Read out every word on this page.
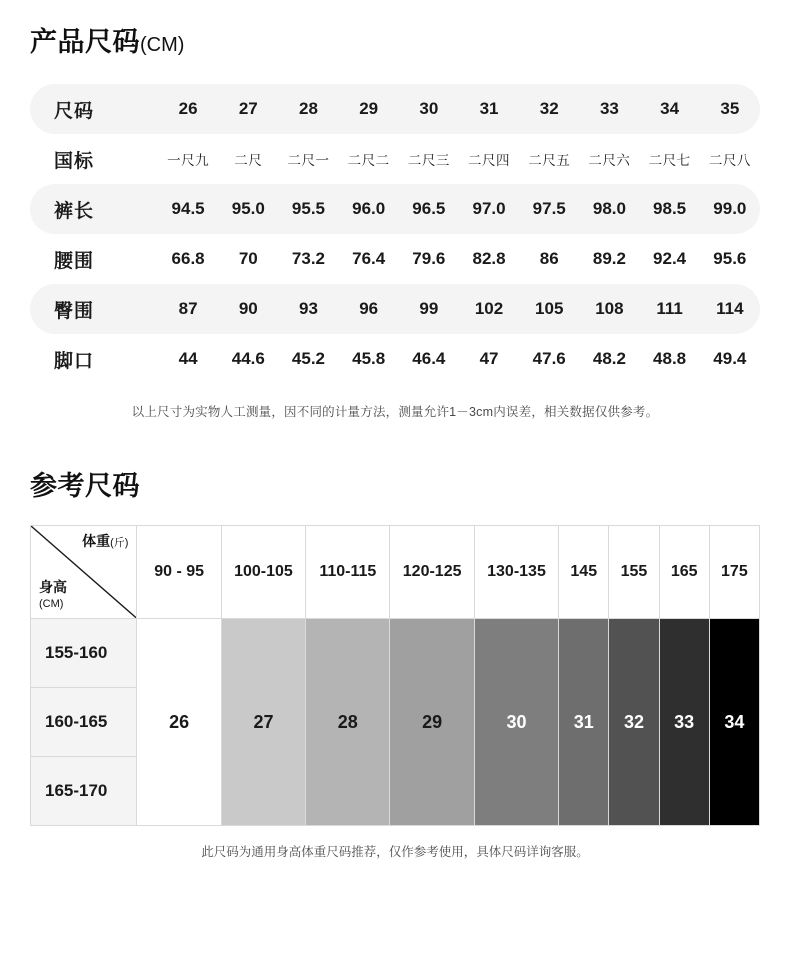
产品尺码(CM)
尺码	26	27	28	29	30	31	32	33	34	35
国标	一尺九	二尺	二尺一	二尺二	二尺三	二尺四	二尺五	二尺六	二尺七	二尺八
裤长	94.5	95.0	95.5	96.0	96.5	97.0	97.5	98.0	98.5	99.0
腰围	66.8	70	73.2	76.4	79.6	82.8	86	89.2	92.4	95.6
臀围	87	90	93	96	99	102	105	108	111	114
脚口	44	44.6	45.2	45.8	46.4	47	47.6	48.2	48.8	49.4
以上尺寸为实物人工测量，因不同的计量方法，测量允许1－3cm内误差，相关数据仅供参考。
参考尺码
体重(斤)
身高
(CM)	90 - 95	100-105	110-115	120-125	130-135	145	155	165	175
155-160	26	27	28	29	30	31	32	33	34
160-165									
165-170									
此尺码为通用身高体重尺码推荐，仅作参考使用，具体尺码详询客服。
